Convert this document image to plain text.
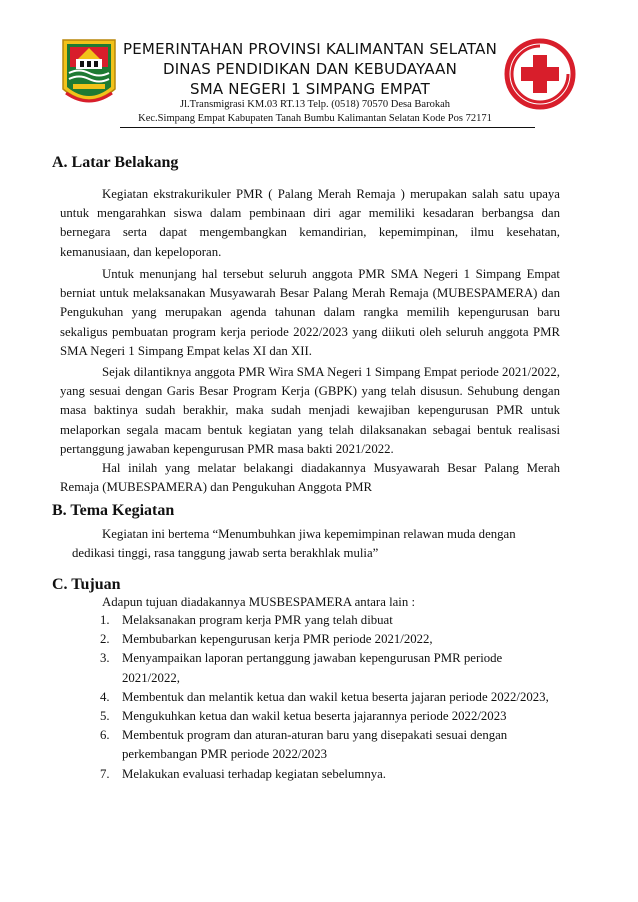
PEMERINTAHAN PROVINSI KALIMANTAN SELATAN
DINAS PENDIDIKAN DAN KEBUDAYAAN
SMA NEGERI 1 SIMPANG EMPAT
Jl.Transmigrasi KM.03 RT.13 Telp. (0518) 70570 Desa Barokah
Kec.Simpang Empat Kabupaten Tanah Bumbu Kalimantan Selatan Kode Pos 72171
A. Latar Belakang

Kegiatan ekstrakurikuler PMR ( Palang Merah Remaja ) merupakan salah satu upaya untuk mengarahkan siswa dalam pembinaan diri agar memiliki kesadaran berbangsa dan bernegara serta dapat mengembangkan kemandirian, kepemimpinan, ilmu kesehatan, kemanusiaan, dan kepeloporan.

Untuk menunjang hal tersebut seluruh anggota PMR SMA Negeri 1 Simpang Empat berniat untuk melaksanakan Musyawarah Besar Palang Merah Remaja (MUBESPAMERA) dan Pengukuhan yang merupakan agenda tahunan dalam rangka memilih kepengurusan baru sekaligus pembuatan program kerja periode 2022/2023 yang diikuti oleh seluruh anggota PMR SMA Negeri 1 Simpang Empat kelas XI dan XII.

Sejak dilantiknya anggota PMR Wira SMA Negeri 1 Simpang Empat periode 2021/2022, yang sesuai dengan Garis Besar Program Kerja (GBPK) yang telah disusun. Sehubung dengan masa baktinya sudah berakhir, maka sudah menjadi kewajiban kepengurusan PMR untuk melaporkan segala macam bentuk kegiatan yang telah dilaksanakan sebagai bentuk realisasi pertanggung jawaban kepengurusan PMR masa bakti 2021/2022.

Hal inilah yang melatar belakangi diadakannya Musyawarah Besar Palang Merah Remaja (MUBESPAMERA) dan Pengukuhan Anggota PMR

B. Tema Kegiatan

Kegiatan ini bertema “Menumbuhkan jiwa kepemimpinan relawan muda dengan

dedikasi tinggi, rasa tanggung jawab serta berakhlak mulia”

C. Tujuan

Adapun tujuan diadakannya MUSBESPAMERA antara lain :

1. Melaksanakan program kerja PMR yang telah dibuat
2. Membubarkan kepengurusan kerja PMR periode 2021/2022,
3. Menyampaikan laporan pertanggung jawaban kepengurusan PMR periode 2021/2022,
4. Membentuk dan melantik ketua dan wakil ketua beserta jajaran periode 2022/2023,
5. Mengukuhkan ketua dan wakil ketua beserta jajarannya periode 2022/2023
6. Membentuk program dan aturan-aturan baru yang disepakati sesuai dengan perkembangan PMR periode 2022/2023
7. Melakukan evaluasi terhadap kegiatan sebelumnya.
